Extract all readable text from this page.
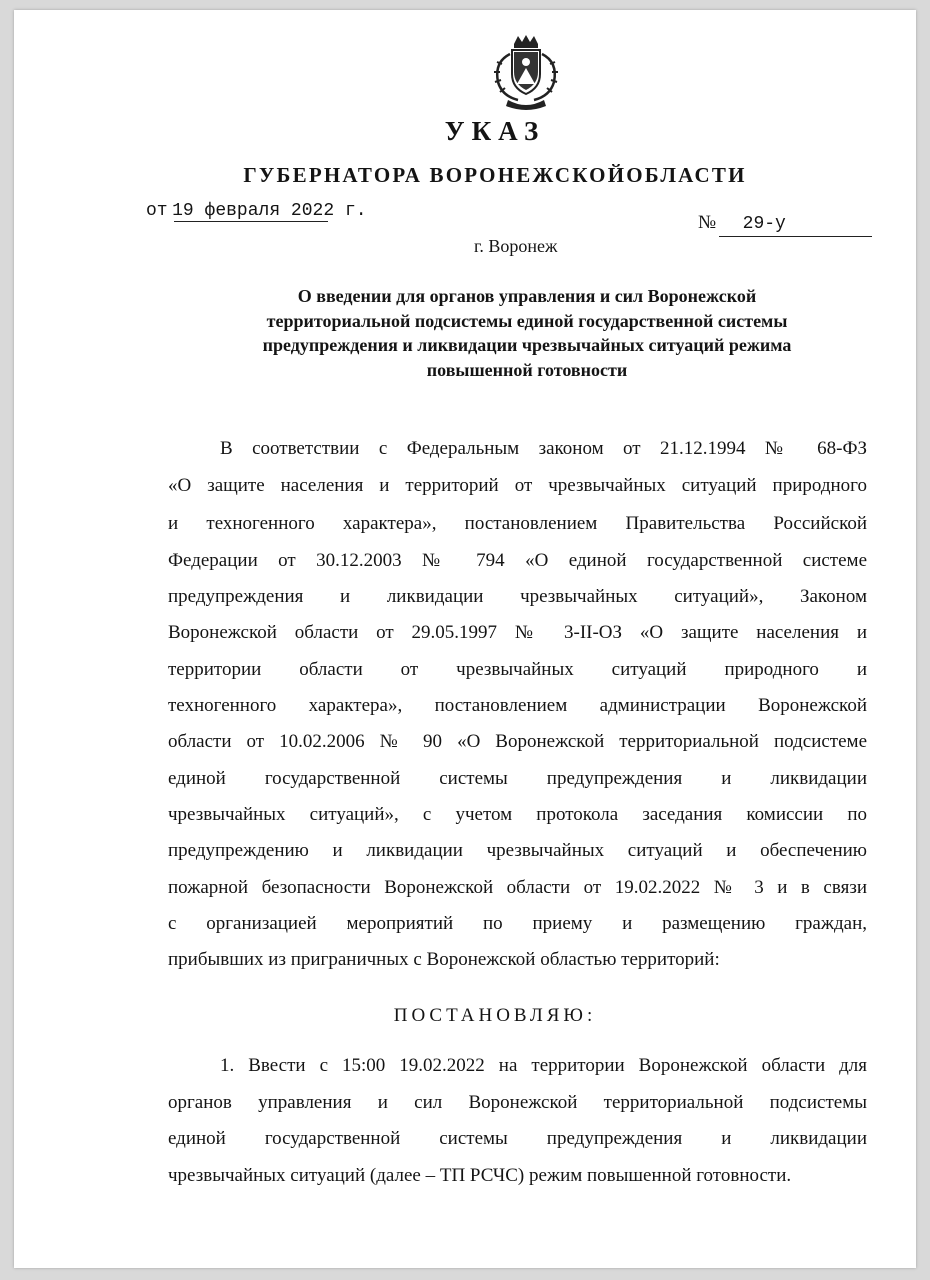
УКАЗ
ГУБЕРНАТОРА ВОРОНЕЖСКОЙОБЛАСТИ
от 19 февраля 2022 г.
№ 29-у
г. Воронеж
О введении для органов управления и сил Воронежской
территориальной подсистемы единой государственной системы
предупреждения и ликвидации чрезвычайных ситуаций режима
повышенной готовности
В соответствии с Федеральным законом от 21.12.1994 № 68-ФЗ
«О защите населения и территорий от чрезвычайных ситуаций природного
и техногенного характера», постановлением Правительства Российской
Федерации от 30.12.2003 № 794 «О единой государственной системе
предупреждения и ликвидации чрезвычайных ситуаций», Законом
Воронежской области от 29.05.1997 № 3-II-ОЗ «О защите населения и
территории области от чрезвычайных ситуаций природного и
техногенного характера», постановлением администрации Воронежской
области от 10.02.2006 № 90 «О Воронежской территориальной подсистеме
единой государственной системы предупреждения и ликвидации
чрезвычайных ситуаций», с учетом протокола заседания комиссии по
предупреждению и ликвидации чрезвычайных ситуаций и обеспечению
пожарной безопасности Воронежской области от 19.02.2022 № 3 и в связи
с организацией мероприятий по приему и размещению граждан,
прибывших из приграничных с Воронежской областью территорий:
ПОСТАНОВЛЯЮ:
1. Ввести с 15:00 19.02.2022 на территории Воронежской области для
органов управления и сил Воронежской территориальной подсистемы
единой государственной системы предупреждения и ликвидации
чрезвычайных ситуаций (далее – ТП РСЧС) режим повышенной готовности.
